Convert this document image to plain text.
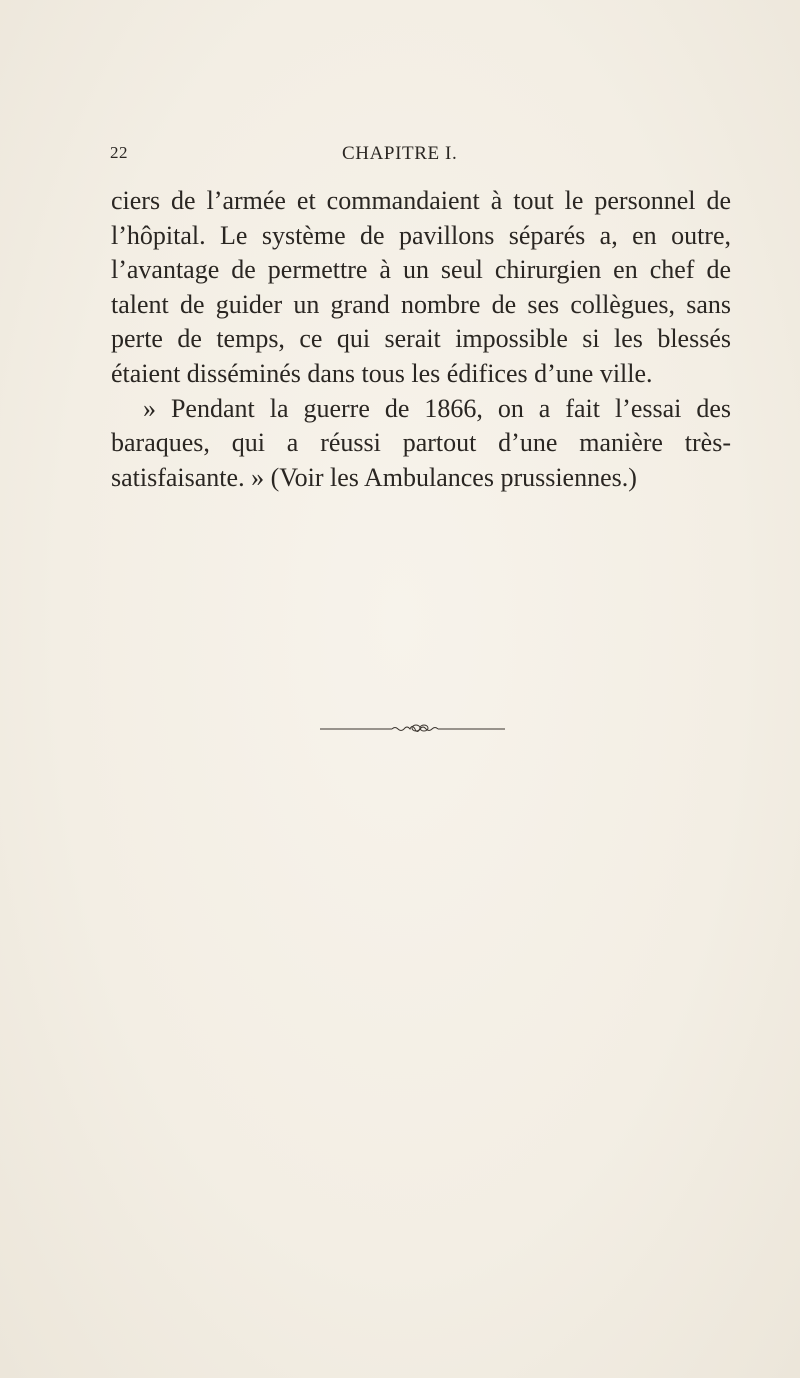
22	CHAPITRE I.

ciers de l’armée et commandaient à tout le personnel de l’hôpital. Le système de pavillons séparés a, en outre, l’avantage de permettre à un seul chirurgien en chef de talent de guider un grand nombre de ses collègues, sans perte de temps, ce qui serait impossible si les blessés étaient disséminés dans tous les édifices d’une ville.

» Pendant la guerre de 1866, on a fait l’essai des baraques, qui a réussi partout d’une manière très-satisfaisante. » (Voir les Ambulances prussiennes.)
